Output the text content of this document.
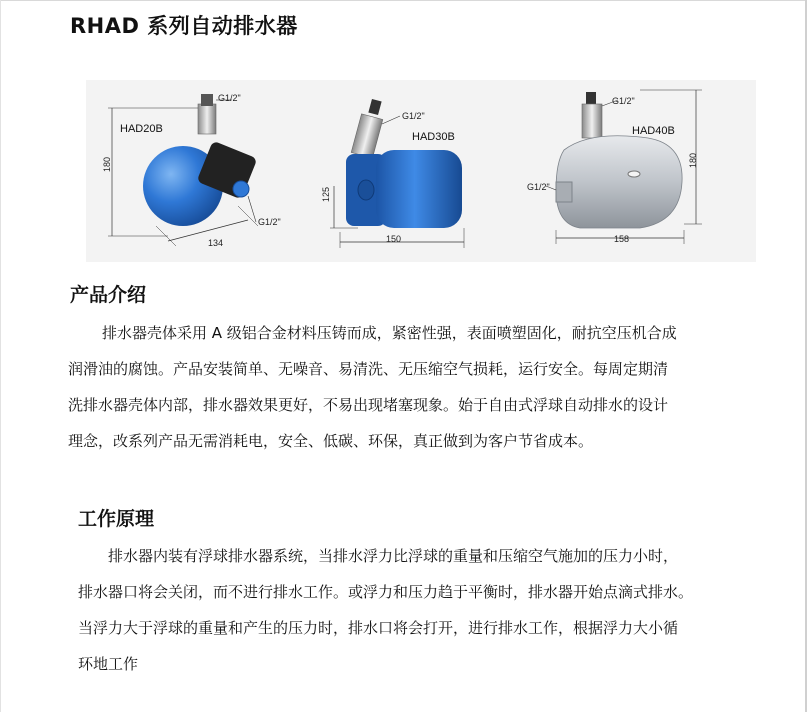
RHAD 系列自动排水器
G1/2"
HAD20B
180
G1/2"
134
G1/2"
HAD30B
125
150
G1/2"
HAD40B
180
G1/2"
158
产品介绍
排水器壳体采用 A 级铝合金材料压铸而成，紧密性强，表面喷塑固化，耐抗空压机合成
润滑油的腐蚀。产品安装简单、无噪音、易清洗、无压缩空气损耗，运行安全。每周定期清
洗排水器壳体内部，排水器效果更好，不易出现堵塞现象。始于自由式浮球自动排水的设计
理念，改系列产品无需消耗电，安全、低碳、环保，真正做到为客户节省成本。
工作原理
排水器内装有浮球排水器系统，当排水浮力比浮球的重量和压缩空气施加的压力小时，
排水器口将会关闭，而不进行排水工作。或浮力和压力趋于平衡时，排水器开始点滴式排水。
当浮力大于浮球的重量和产生的压力时，排水口将会打开，进行排水工作，根据浮力大小循
环地工作
